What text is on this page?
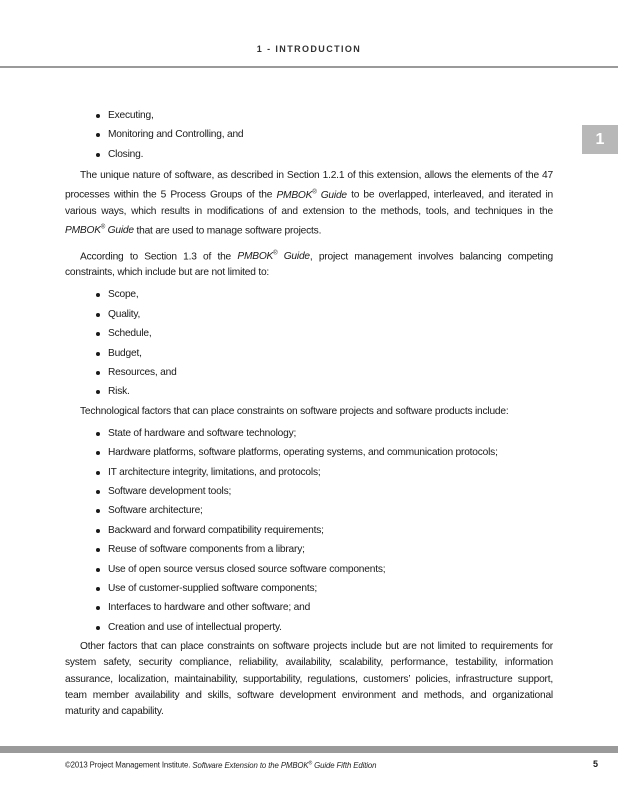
1 - INTRODUCTION
1
Executing,
Monitoring and Controlling, and
Closing.

The unique nature of software, as described in Section 1.2.1 of this extension, allows the elements of the 47 processes within the 5 Process Groups of the PMBOK® Guide to be overlapped, interleaved, and iterated in various ways, which results in modifications of and extension to the methods, tools, and techniques in the PMBOK® Guide that are used to manage software projects.

According to Section 1.3 of the PMBOK® Guide, project management involves balancing competing constraints, which include but are not limited to:

Scope,
Quality,
Schedule,
Budget,
Resources, and
Risk.

Technological factors that can place constraints on software projects and software products include:

State of hardware and software technology;
Hardware platforms, software platforms, operating systems, and communication protocols;
IT architecture integrity, limitations, and protocols;
Software development tools;
Software architecture;
Backward and forward compatibility requirements;
Reuse of software components from a library;
Use of open source versus closed source software components;
Use of customer-supplied software components;
Interfaces to hardware and other software; and
Creation and use of intellectual property.

Other factors that can place constraints on software projects include but are not limited to requirements for system safety, security compliance, reliability, availability, scalability, performance, testability, information assurance, localization, maintainability, supportability, regulations, customers’ policies, infrastructure support, team member availability and skills, software development environment and methods, and organizational maturity and capability.

©2013 Project Management Institute. Software Extension to the PMBOK® Guide Fifth Edition	5
